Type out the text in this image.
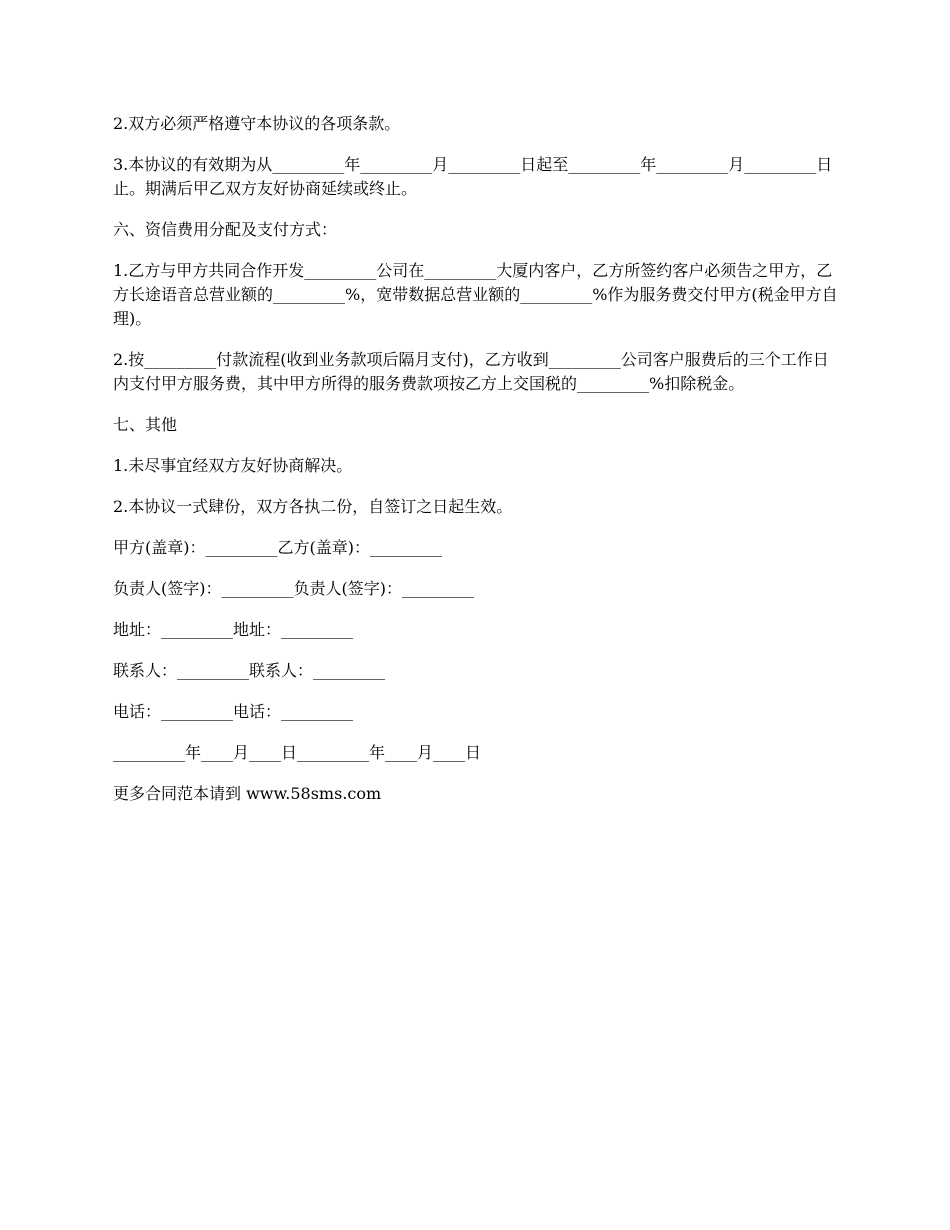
2.双方必须严格遵守本协议的各项条款。

3.本协议的有效期为从_________年_________月_________日起至_________年_________月_________日止。期满后甲乙双方友好协商延续或终止。

六、资信费用分配及支付方式：

1.乙方与甲方共同合作开发_________公司在_________大厦内客户，乙方所签约客户必须告之甲方，乙方长途语音总营业额的_________%，宽带数据总营业额的_________%作为服务费交付甲方(税金甲方自理)。

2.按_________付款流程(收到业务款项后隔月支付)，乙方收到_________公司客户服费后的三个工作日内支付甲方服务费，其中甲方所得的服务费款项按乙方上交国税的_________%扣除税金。

七、其他

1.未尽事宜经双方友好协商解决。

2.本协议一式肆份，双方各执二份，自签订之日起生效。

甲方(盖章)：_________乙方(盖章)：_________

负责人(签字)：_________负责人(签字)：_________

地址：_________地址：_________

联系人：_________联系人：_________

电话：_________电话：_________

_________年____月____日_________年____月____日

更多合同范本请到 www.58sms.com
